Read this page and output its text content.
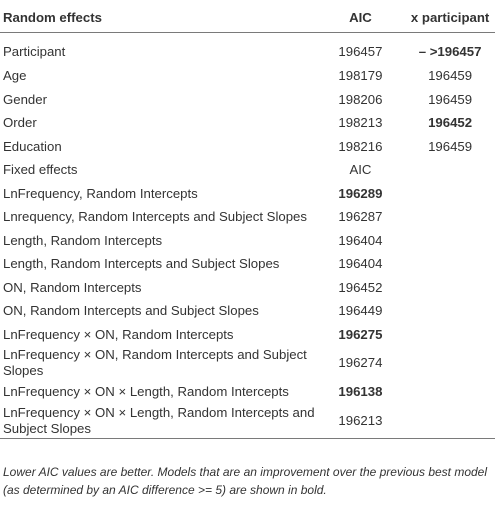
Random effects	AIC	x participant
Participant	196457	– >196457
Age	198179	196459
Gender	198206	196459
Order	198213	196452
Education	198216	196459
Fixed effects	AIC	
LnFrequency, Random Intercepts	196289	
Lnrequency, Random Intercepts and Subject Slopes	196287	
Length, Random Intercepts	196404	
Length, Random Intercepts and Subject Slopes	196404	
ON, Random Intercepts	196452	
ON, Random Intercepts and Subject Slopes	196449	
LnFrequency × ON, Random Intercepts	196275	
LnFrequency × ON, Random Intercepts and Subject Slopes	196274	
LnFrequency × ON × Length, Random Intercepts	196138	
LnFrequency × ON × Length, Random Intercepts and Subject Slopes	196213	
Lower AIC values are better. Models that are an improvement over the previous best model (as determined by an AIC difference >= 5) are shown in bold.
